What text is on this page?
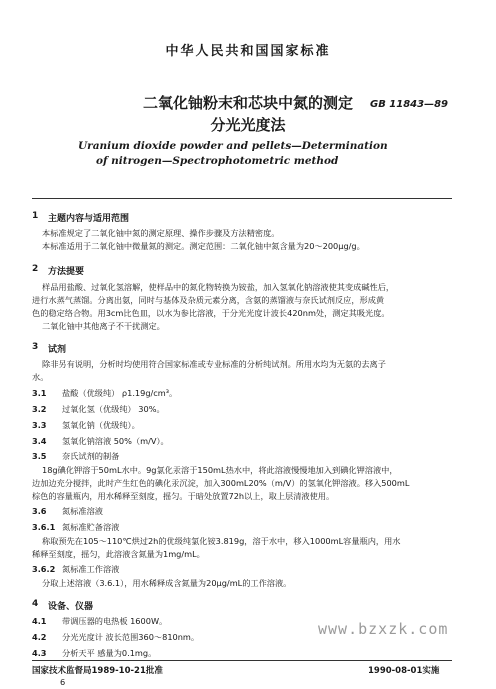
中华人民共和国国家标准
二氧化铀粉末和芯块中氮的测定
分光光度法
GB 11843—89
Uranium dioxide powder and pellets—Determination
of nitrogen—Spectrophotometric method
1 主题内容与适用范围
本标准规定了二氧化铀中氮的测定原理、操作步骤及方法精密度。
本标准适用于二氧化铀中微量氮的测定。测定范围：二氧化铀中氮含量为20～200μg/g。
2 方法提要
样品用盐酸、过氧化氢溶解，使样品中的氮化物转换为铵盐，加入氢氧化钠溶液使其变成碱性后，
进行水蒸气蒸馏。分离出氨，同时与基体及杂质元素分离，含氨的蒸馏液与奈氏试剂反应，形成黄
色的稳定络合物。用3cm比色皿，以水为参比溶液，于分光光度计波长420nm处，测定其吸光度。
二氧化铀中其他离子不干扰测定。
3 试剂
除非另有说明，分析时均使用符合国家标准或专业标准的分析纯试剂。所用水均为无氨的去离子
水。
3.1 盐酸（优级纯） ρ1.19g/cm³。
3.2 过氧化氢（优级纯） 30%。
3.3 氢氧化钠（优级纯）。
3.4 氢氧化钠溶液 50%（m/V）。
3.5 奈氏试剂的制备
18g碘化钾溶于50mL水中。9g氯化汞溶于150mL热水中，将此溶液慢慢地加入到碘化钾溶液中，
边加边充分搅拌，此时产生红色的碘化汞沉淀，加入300mL20%（m/V）的氢氧化钾溶液。移入500mL
棕色的容量瓶内，用水稀释至刻度，摇匀。于暗处放置72h以上，取上层清液使用。
3.6 氮标准溶液
3.6.1 氮标准贮备溶液
称取预先在105～110℃烘过2h的优级纯氯化铵3.819g，溶于水中，移入1000mL容量瓶内，用水
稀释至刻度，摇匀，此溶液含氮量为1mg/mL。
3.6.2 氮标准工作溶液
分取上述溶液（3.6.1），用水稀释成含氮量为20μg/mL的工作溶液。
4 设备、仪器
4.1 带调压器的电热板 1600W。
4.2 分光光度计 波长范围360～810nm。
4.3 分析天平 感量为0.1mg。
www.bzxzk.com
国家技术监督局1989-10-21批准	1990-08-01实施
6
